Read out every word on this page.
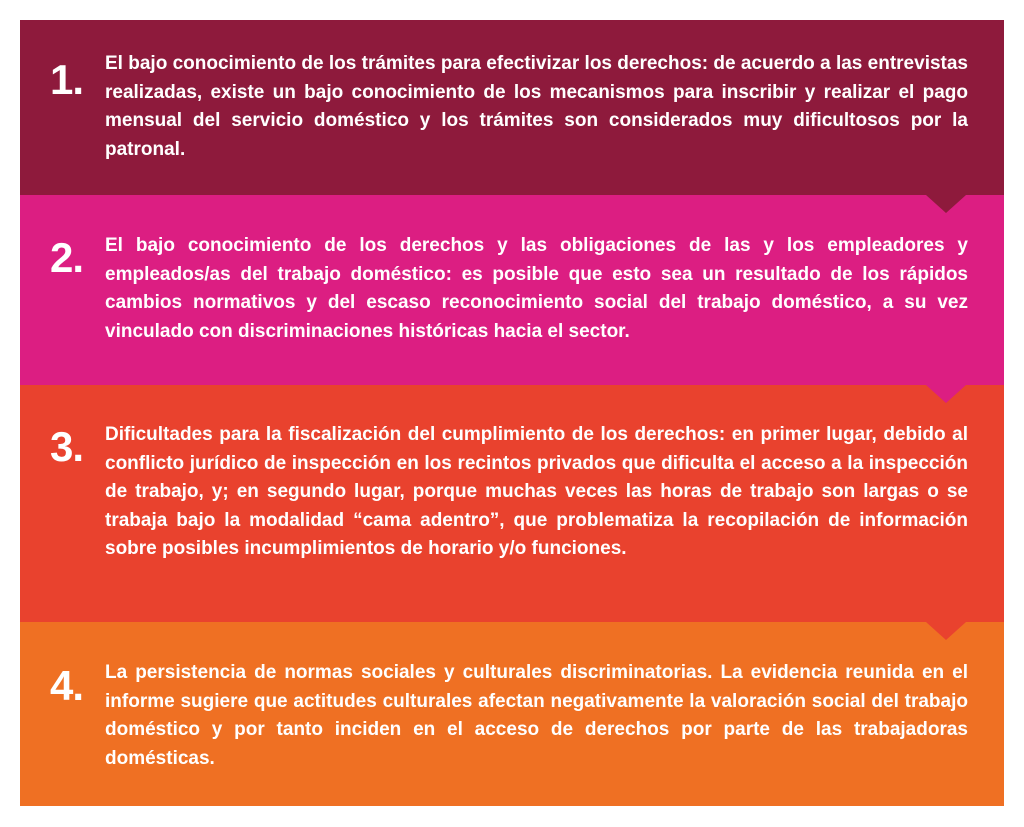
1. El bajo conocimiento de los trámites para efectivizar los derechos: de acuerdo a las entrevistas realizadas, existe un bajo conocimiento de los mecanismos para inscribir y realizar el pago mensual del servicio doméstico y los trámites son considerados muy dificultosos por la patronal.

2. El bajo conocimiento de los derechos y las obligaciones de las y los empleadores y empleados/as del trabajo doméstico: es posible que esto sea un resultado de los rápidos cambios normativos y del escaso reconocimiento social del trabajo doméstico, a su vez vinculado con discriminaciones históricas hacia el sector.

3. Dificultades para la fiscalización del cumplimiento de los derechos: en primer lugar, debido al conflicto jurídico de inspección en los recintos privados que dificulta el acceso a la inspección de trabajo, y; en segundo lugar, porque muchas veces las horas de trabajo son largas o se trabaja bajo la modalidad “cama adentro”, que problematiza la recopilación de información sobre posibles incumplimientos de horario y/o funciones.

4. La persistencia de normas sociales y culturales discriminatorias. La evidencia reunida en el informe sugiere que actitudes culturales afectan negativamente la valoración social del trabajo doméstico y por tanto inciden en el acceso de derechos por parte de las trabajadoras domésticas.
